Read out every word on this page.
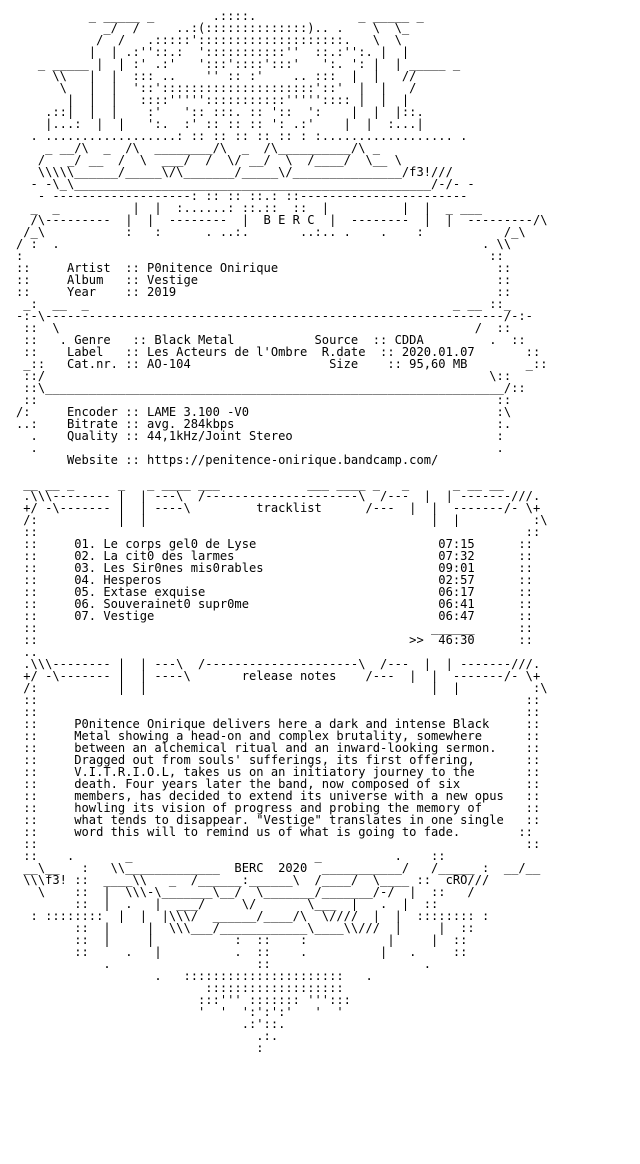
_ _____ _        .::::.              _ _____ _
_/  /     ..:(::::::::::::::).. .    \  \_
/  /   .:::::'::::::::::::::::::::.   \  \
|  | .:''::.:  ':::::::::::''  ::.:'':. |  |
_ _____ |  | :' .:'   ':::'::::':::'   ':. ': |  | _____ _
\\   |  |  ::: ..    '' :: :'    .. :::  |  |   //
\   |  |  '::':::::::::::::::::::::'::'  |  |   /
|  |  |   ::::''''':::::::::::''''':::: |  |  |
.::|  |  |    :'   ':: :::. :: '::  ':    |  |  |::.
|...:  |  |   ':.  :' :: :: :: ': .:'    |  |  :...|
. ..................: :: :: :: :: :: : :.................. .
_ __/\  _  /\  ________/\  _  /\__________/\ _
/   _/ __  /  \  ___/  /  \/ __/  \  /____/  \__ \
\\\\\______/_____\/\_______/_____\/_______________/f3!///
- -\_\_________________________________________________/-/- -
- -------------------: :: :: ::.: ::-----------------------
_  _          |  |  :......: ::.::  ::  |          |  |  _ ___
/\---------  |  |  --------  |  B E R C  |  --------  |  |  ---------/\
/_\           :   :      . ..:.       ..:.. .    .    :           /_\
/ :  .                                                          . \\
:                                                                ::
::     Artist  :: P0nitence Onirique                              ::
::     Album   :: Vestige                                         ::
::     Year    :: 2019                                            ::
_:  __  _                                                  _ __ ::_
-:-\---------------------------------------------------------------/-:-
::  \                                                         /  ::
::   . Genre   :: Black Metal           Source  :: CDDA         .  ::
::    Label   :: Les Acteurs de l'Ombre  R.date  :: 2020.01.07       ::
_::   Cat.nr. :: AO-104                   Size    :: 95,60 MB        _::
::/                                                             \::
::\_______________________________________________________________/::
::                                                               ::
/:     Encoder :: LAME 3.100 -V0                                  :\
..:    Bitrate :: avg. 284kbps                                    :.
.    Quality :: 44,1kHz/Joint Stereo                            :
.                                                               .
Website :: https://penitence-onirique.bandcamp.com/

__ __ _      _   _ ____ ___            ___ ____ _   _      _ __ __
.\\\-------- |  | ---\  /---------------------\  /---  |  | -------///.
+/ -\------- |  | ----\         tracklist      /---  |  |  -------/- \+
/:           |  |                                       |  |          :\
::                                                                   ::
::     01. Le corps gel0 de Lyse                         07:15      ::
::     02. La cit0 des larmes                            07:32      ::
::     03. Les Sir0nes mis0rables                        09:01      ::
::     04. Hesperos                                      02:57      ::
::     05. Extase exquise                                06:17      ::
::     06. Souverainet0 supr0me                          06:41      ::
::     07. Vestige                                       06:47      ::
::                                                      ______      ::
::                                                   >>  46:30      ::
..
.\\\-------- |  | ---\  /---------------------\  /---  |  | -------///.
+/ -\------- |  | ----\       release notes    /---  |  |  -------/- \+
/:           |  |                                       |  |          :\
::                                                                   ::
::                                                                   ::
::     P0nitence Onirique delivers here a dark and intense Black     ::
::     Metal showing a head-on and complex brutality, somewhere      ::
::     between an alchemical ritual and an inward-looking sermon.    ::
::     Dragged out from souls' sufferings, its first offering,       ::
::     V.I.T.R.I.O.L, takes us on an initiatory journey to the       ::
::     death. Four years later the band, now composed of six         ::
::     members, has decided to extend its universe with a new opus   ::
::     howling its vision of progress and probing the memory of      ::
::     what tends to disappear. "Vestige" translates in one single   ::
::     word this will to remind us of what is going to fade.        ::
::                                                                   ::
::    .       _                         _          .    ::
__\__   :   \\_____________  BERC  2020  ___________/   /_____ :  __/__
\\\f3! ::  ____\\   _  /______:______\  /____/  \____ ::  cRO///
\    ::  |  \\\-\_______\__/  \_______/_______/-/  |  ::   /
::  |  .   |  ___/     \/       \___  |   .  |  ::
: ::::::::  |  |  |\\\/  ______/____/\  \////  |  |  :::::::: :
::  |     |  \\\___/____________\____\\///  |     |  ::
::  |     |           :  ::    :           |     |  ::
::     .   |          .  ::    .          |   .     ::
.                    ::                     .
.   ::::::::::::::::::::::   .
:::::::::::::::::::
:::''' ::::::: ''':::
'  '  ':':':'   '  '
.:'::.
.:.
:
